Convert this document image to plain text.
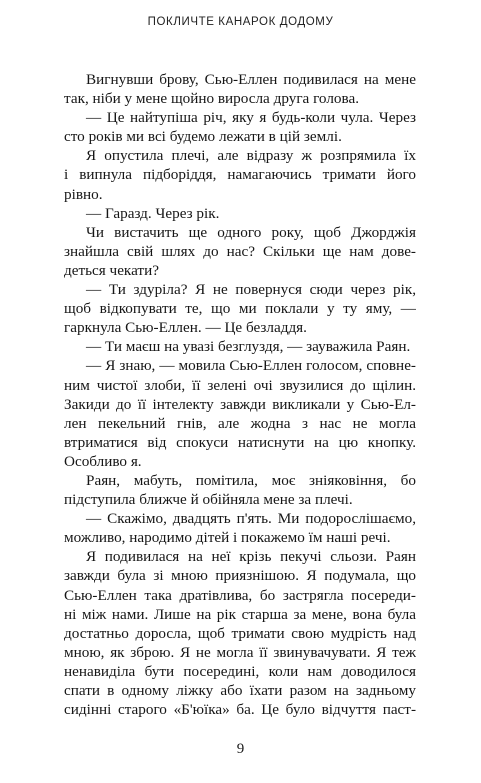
ПОКЛИЧТЕ КАНАРОК ДОДОМУ
Вигнувши брову, Сью-Еллен подивилася на мене
так, ніби у мене щойно виросла друга голова.
— Це найтупіша річ, яку я будь-коли чула. Через
сто років ми всі будемо лежати в цій землі.
Я опустила плечі, але відразу ж розпрямила їх
і випнула підборіддя, намагаючись тримати його
рівно.
— Гаразд. Через рік.
Чи вистачить ще одного року, щоб Джорджія
знайшла свій шлях до нас? Скільки ще нам дове-
деться чекати?
— Ти здуріла? Я не повернуся сюди через рік,
щоб відкопувати те, що ми поклали у ту яму, —
гаркнула Сью-Еллен. — Це безладдя.
— Ти маєш на увазі безглуздя, — зауважила Раян.
— Я знаю, — мовила Сью-Еллен голосом, сповне-
ним чистої злоби, її зелені очі звузилися до щілин.
Закиди до її інтелекту завжди викликали у Сью-Ел-
лен пекельний гнів, але жодна з нас не могла
втриматися від спокуси натиснути на цю кнопку.
Особливо я.
Раян, мабуть, помітила, моє зніяковіння, бо
підступила ближче й обійняла мене за плечі.
— Скажімо, двадцять п'ять. Ми подорослішаємо,
можливо, народимо дітей і покажемо їм наші речі.
Я подивилася на неї крізь пекучі сльози. Раян
завжди була зі мною приязнішою. Я подумала, що
Сью-Еллен така дратівлива, бо застрягла посереди-
ні між нами. Лише на рік старша за мене, вона була
достатньо доросла, щоб тримати свою мудрість над
мною, як зброю. Я не могла її звинувачувати. Я теж
ненавиділа бути посередині, коли нам доводилося
спати в одному ліжку або їхати разом на задньому
сидінні старого «Б'юїка» ба. Це було відчуття паст-
9
